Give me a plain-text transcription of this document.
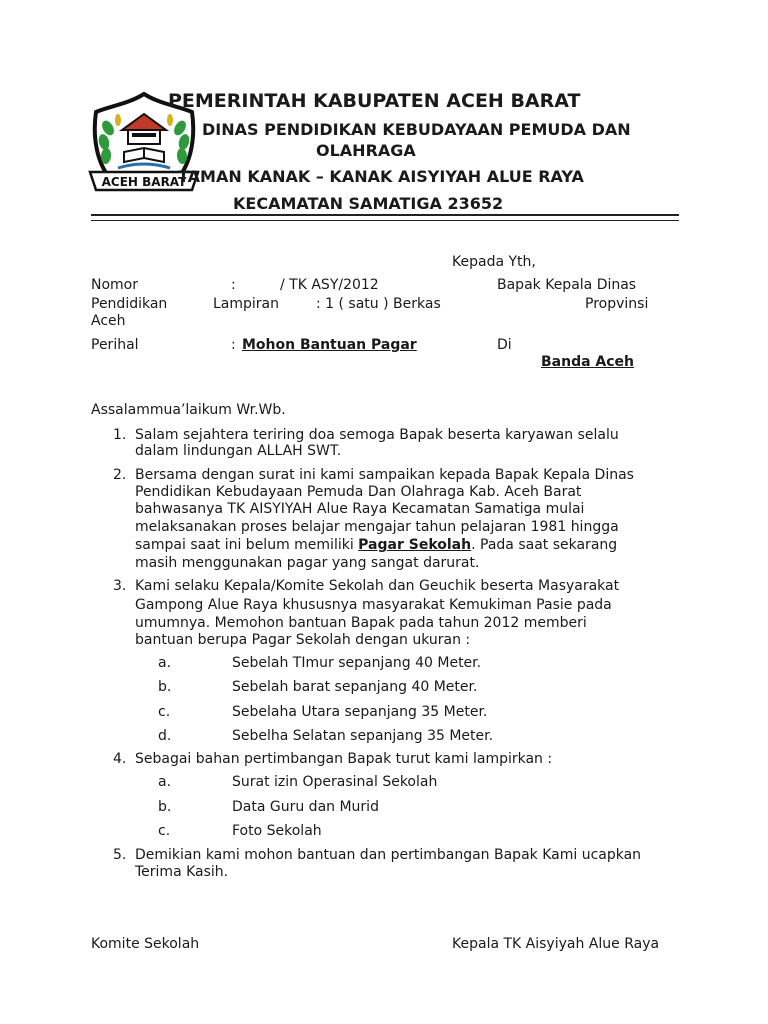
ACEH BARAT
PEMERINTAH KABUPATEN ACEH BARAT
DINAS PENDIDIKAN KEBUDAYAAN PEMUDA DAN
OLAHRAGA
TAMAN KANAK – KANAK AISYIYAH ALUE RAYA
KECAMATAN SAMATIGA 23652
Kepada Yth,
Nomor	:	/ TK ASY/2012	Bapak Kepala Dinas
Pendidikan	Lampiran	: 1 ( satu ) Berkas	Propvinsi
Aceh
Perihal	: Mohon Bantuan Pagar	Di
Banda Aceh
Assalammua’laikum Wr.Wb.
1. Salam sejahtera teriring doa semoga Bapak beserta karyawan selalu
dalam lindungan ALLAH SWT.
2. Bersama dengan surat ini kami sampaikan kepada Bapak Kepala Dinas
Pendidikan Kebudayaan Pemuda Dan Olahraga Kab. Aceh Barat
bahwasanya TK AISYIYAH Alue Raya Kecamatan Samatiga mulai
melaksanakan proses belajar mengajar tahun pelajaran 1981 hingga
sampai saat ini belum memiliki Pagar Sekolah. Pada saat sekarang
masih menggunakan pagar yang sangat darurat.
3. Kami selaku Kepala/Komite Sekolah dan Geuchik beserta Masyarakat
Gampong Alue Raya khususnya masyarakat Kemukiman Pasie pada
umumnya. Memohon bantuan Bapak pada tahun 2012 memberi
bantuan berupa Pagar Sekolah dengan ukuran :
a.	Sebelah TImur sepanjang 40 Meter.
b.	Sebelah barat sepanjang 40 Meter.
c.	Sebelaha Utara sepanjang 35 Meter.
d.	Sebelha Selatan sepanjang 35 Meter.
4. Sebagai bahan pertimbangan Bapak turut kami lampirkan :
a.	Surat izin Operasinal Sekolah
b.	Data Guru dan Murid
c.	Foto Sekolah
5. Demikian kami mohon bantuan dan pertimbangan Bapak Kami ucapkan
Terima Kasih.
Komite Sekolah	Kepala TK Aisyiyah Alue Raya
